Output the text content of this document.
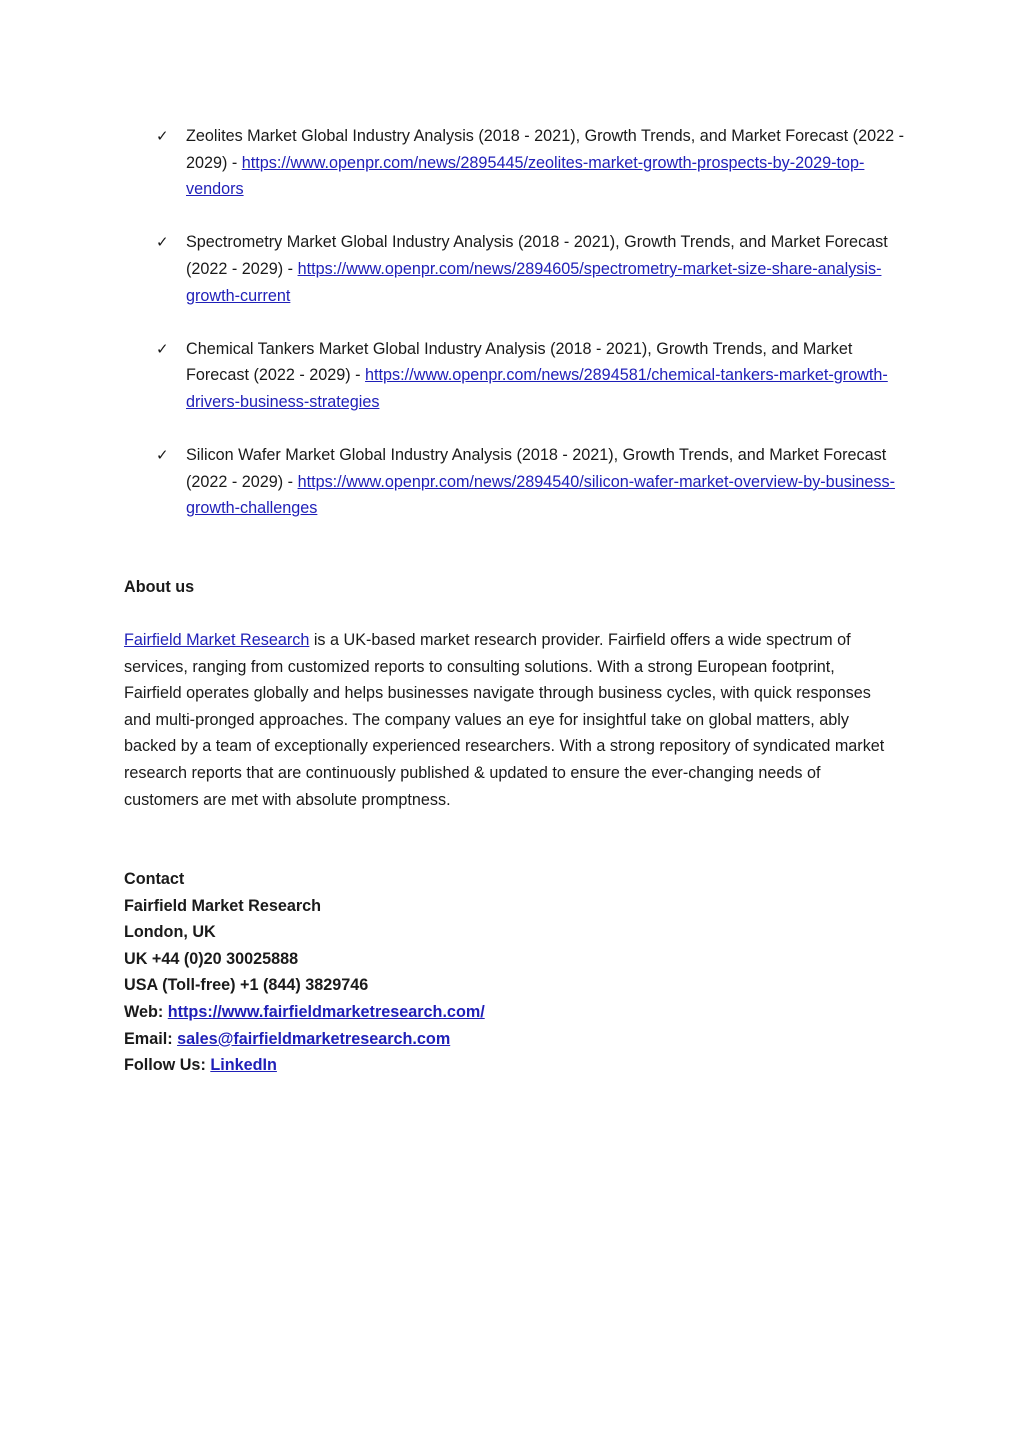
✓ Zeolites Market Global Industry Analysis (2018 - 2021), Growth Trends, and Market Forecast (2022 - 2029) - https://www.openpr.com/news/2895445/zeolites-market-growth-prospects-by-2029-top-vendors
✓ Spectrometry Market Global Industry Analysis (2018 - 2021), Growth Trends, and Market Forecast (2022 - 2029) - https://www.openpr.com/news/2894605/spectrometry-market-size-share-analysis-growth-current
✓ Chemical Tankers Market Global Industry Analysis (2018 - 2021), Growth Trends, and Market Forecast (2022 - 2029) - https://www.openpr.com/news/2894581/chemical-tankers-market-growth-drivers-business-strategies
✓ Silicon Wafer Market Global Industry Analysis (2018 - 2021), Growth Trends, and Market Forecast (2022 - 2029) - https://www.openpr.com/news/2894540/silicon-wafer-market-overview-by-business-growth-challenges

About us

Fairfield Market Research is a UK-based market research provider. Fairfield offers a wide spectrum of services, ranging from customized reports to consulting solutions. With a strong European footprint, Fairfield operates globally and helps businesses navigate through business cycles, with quick responses and multi-pronged approaches. The company values an eye for insightful take on global matters, ably backed by a team of exceptionally experienced researchers. With a strong repository of syndicated market research reports that are continuously published & updated to ensure the ever-changing needs of customers are met with absolute promptness.

Contact
Fairfield Market Research
London, UK
UK +44 (0)20 30025888
USA (Toll-free) +1 (844) 3829746
Web: https://www.fairfieldmarketresearch.com/
Email: sales@fairfieldmarketresearch.com
Follow Us: LinkedIn
